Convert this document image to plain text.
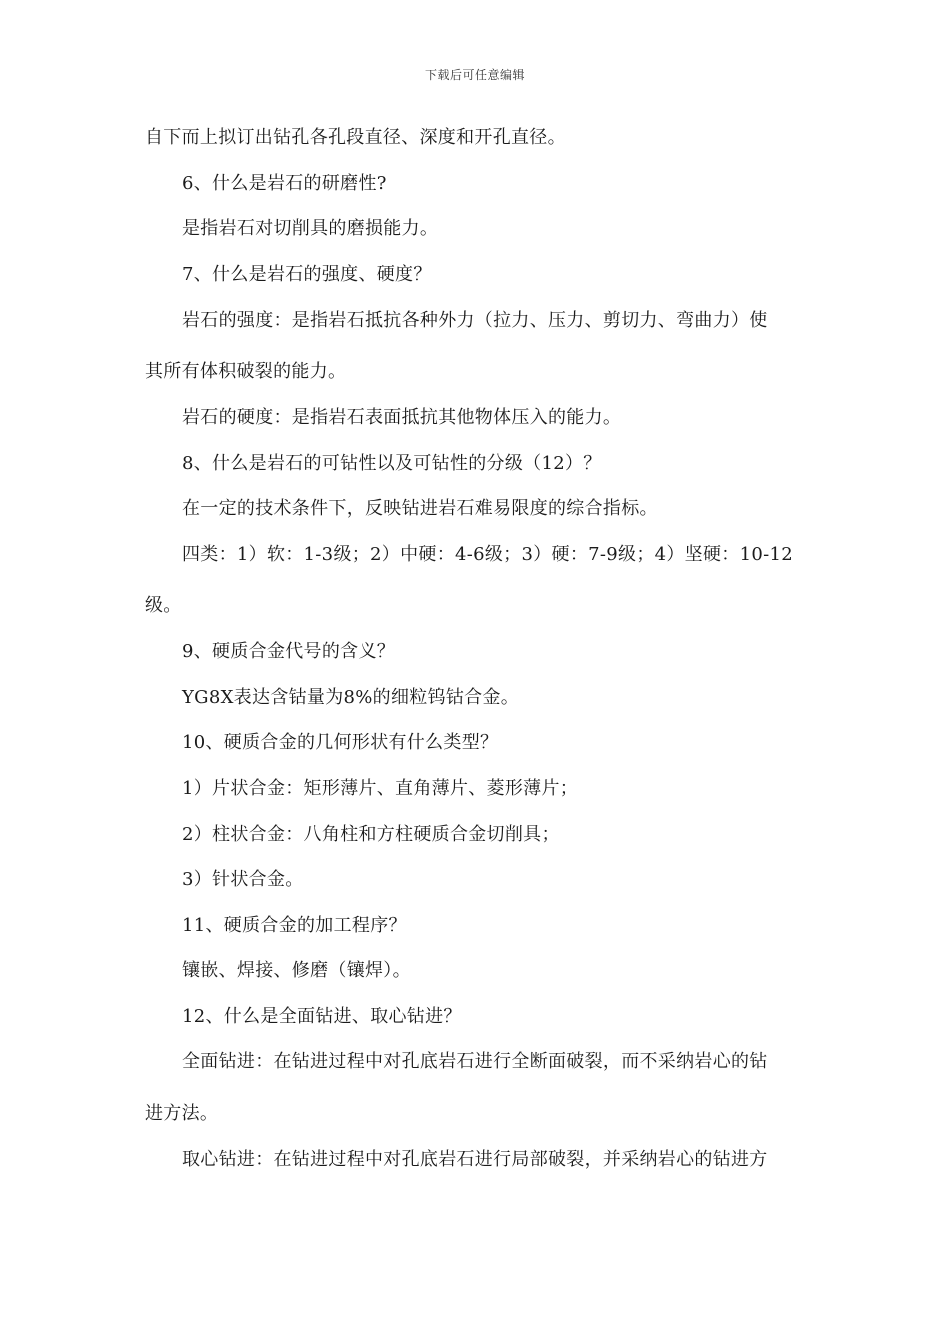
下载后可任意编辑
自下而上拟订出钻孔各孔段直径、深度和开孔直径。
6、什么是岩石的研磨性?
是指岩石对切削具的磨损能力。
7、什么是岩石的强度、硬度？
岩石的强度：是指岩石抵抗各种外力（拉力、压力、剪切力、弯曲力）使
其所有体积破裂的能力。
岩石的硬度：是指岩石表面抵抗其他物体压入的能力。
8、什么是岩石的可钻性以及可钻性的分级（12）？
在一定的技术条件下，反映钻进岩石难易限度的综合指标。
四类：1）软：1-3级；2）中硬：4-6级；3）硬：7-9级；4）坚硬：10-12
级。
9、硬质合金代号的含义？
YG8X表达含钴量为8%的细粒钨钴合金。
10、硬质合金的几何形状有什么类型？
1）片状合金：矩形薄片、直角薄片、菱形薄片；
2）柱状合金：八角柱和方柱硬质合金切削具；
3）针状合金。
11、硬质合金的加工程序？
镶嵌、焊接、修磨（镶焊）。
12、什么是全面钻进、取心钻进？
全面钻进：在钻进过程中对孔底岩石进行全断面破裂，而不采纳岩心的钻
进方法。
取心钻进：在钻进过程中对孔底岩石进行局部破裂，并采纳岩心的钻进方
